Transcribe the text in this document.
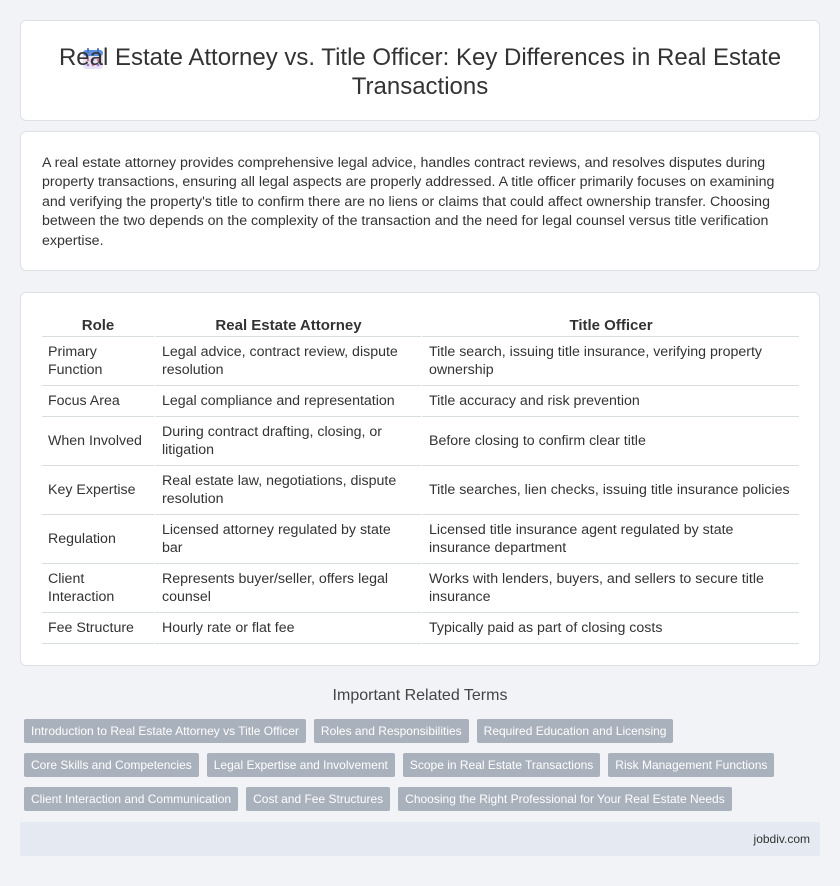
Real Estate Attorney vs. Title Officer: Key Differences in Real Estate Transactions

A real estate attorney provides comprehensive legal advice, handles contract reviews, and resolves disputes during property transactions, ensuring all legal aspects are properly addressed. A title officer primarily focuses on examining and verifying the property's title to confirm there are no liens or claims that could affect ownership transfer. Choosing between the two depends on the complexity of the transaction and the need for legal counsel versus title verification expertise.

Role	Real Estate Attorney	Title Officer
Primary Function	Legal advice, contract review, dispute resolution	Title search, issuing title insurance, verifying property ownership
Focus Area	Legal compliance and representation	Title accuracy and risk prevention
When Involved	During contract drafting, closing, or litigation	Before closing to confirm clear title
Key Expertise	Real estate law, negotiations, dispute resolution	Title searches, lien checks, issuing title insurance policies
Regulation	Licensed attorney regulated by state bar	Licensed title insurance agent regulated by state insurance department
Client Interaction	Represents buyer/seller, offers legal counsel	Works with lenders, buyers, and sellers to secure title insurance
Fee Structure	Hourly rate or flat fee	Typically paid as part of closing costs
Important Related Terms
Introduction to Real Estate Attorney vs Title Officer	Roles and Responsibilities	Required Education and Licensing
Core Skills and Competencies	Legal Expertise and Involvement	Scope in Real Estate Transactions	Risk Management Functions
Client Interaction and Communication	Cost and Fee Structures	Choosing the Right Professional for Your Real Estate Needs
jobdiv.com
